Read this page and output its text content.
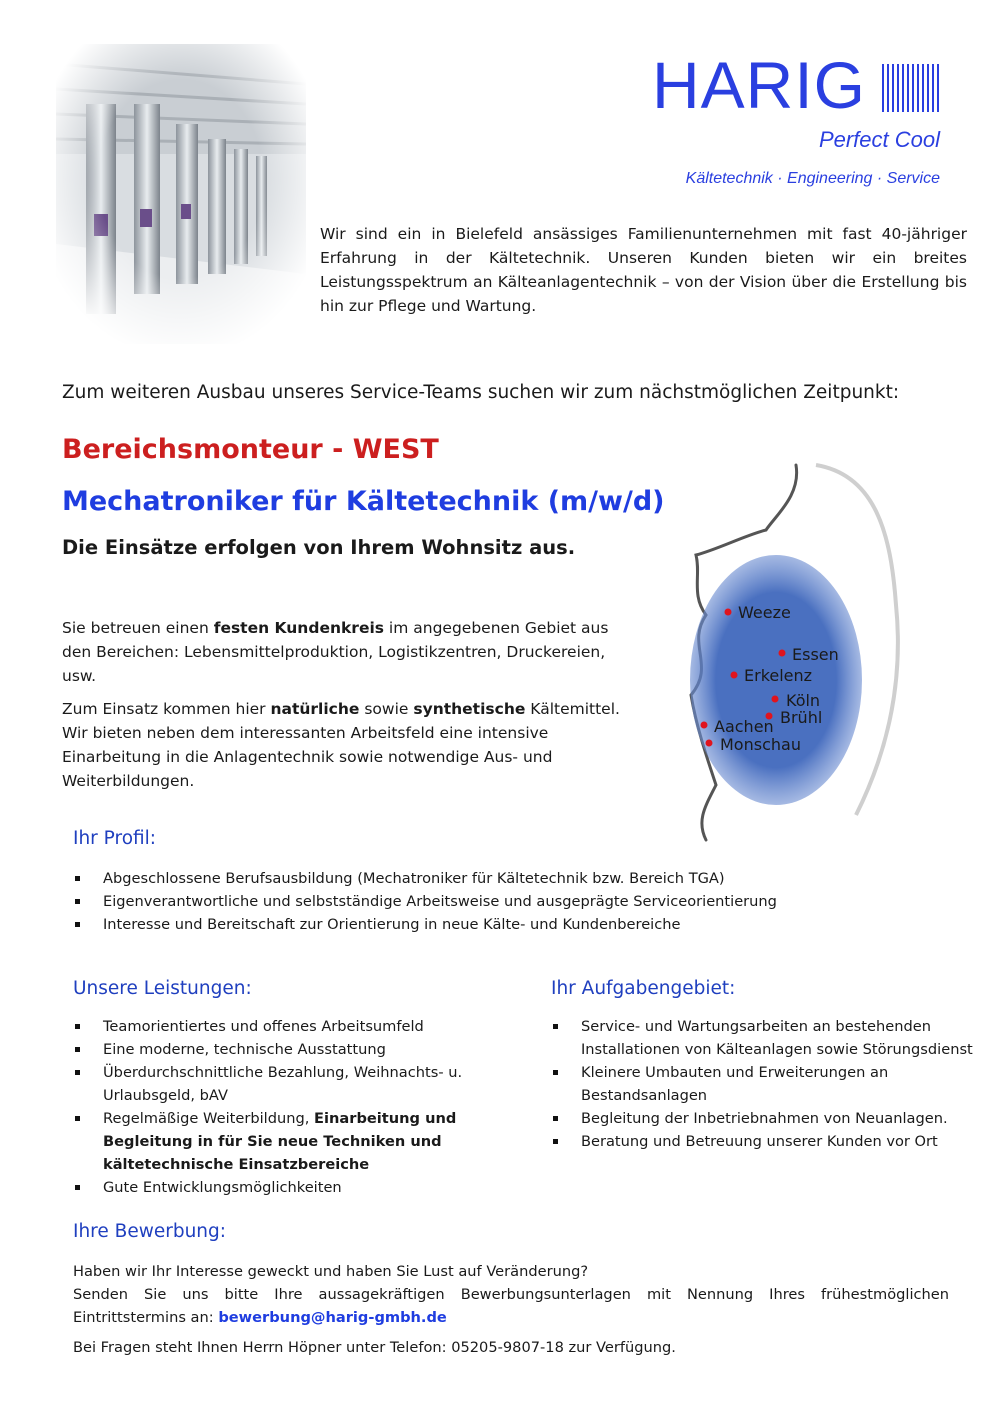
HARIG
Perfect Cool
Kältetechnik · Engineering · Service
Wir sind ein in Bielefeld ansässiges Familienunternehmen mit fast 40-jähriger Erfahrung in der Kältetechnik. Unseren Kunden bieten wir ein breites Leistungsspektrum an Kälteanlagentechnik – von der Vision über die Erstellung bis hin zur Pflege und Wartung.
Zum weiteren Ausbau unseres Service-Teams suchen wir zum nächstmöglichen Zeitpunkt:
Bereichsmonteur - WEST
Mechatroniker für Kältetechnik (m/w/d)
Die Einsätze erfolgen von Ihrem Wohnsitz aus.
Sie betreuen einen festen Kundenkreis im angegebenen Gebiet aus den Bereichen: Lebensmittelproduktion, Logistikzentren, Druckereien, usw.
Zum Einsatz kommen hier natürliche sowie synthetische Kältemittel. Wir bieten neben dem interessanten Arbeitsfeld eine intensive Einarbeitung in die Anlagentechnik sowie notwendige Aus- und Weiterbildungen.
Weeze
Essen
Erkelenz
Köln
Brühl
Aachen
Monschau
Ihr Profil:
Abgeschlossene Berufsausbildung (Mechatroniker für Kältetechnik bzw. Bereich TGA)
Eigenverantwortliche und selbstständige Arbeitsweise und ausgeprägte Serviceorientierung
Interesse und Bereitschaft zur Orientierung in neue Kälte- und Kundenbereiche
Unsere Leistungen:
Teamorientiertes und offenes Arbeitsumfeld
Eine moderne, technische Ausstattung
Überdurchschnittliche Bezahlung, Weihnachts- u. Urlaubsgeld, bAV
Regelmäßige Weiterbildung, Einarbeitung und Begleitung in für Sie neue Techniken und kältetechnische Einsatzbereiche
Gute Entwicklungsmöglichkeiten
Ihr Aufgabengebiet:
Service- und Wartungsarbeiten an bestehenden Installationen von Kälteanlagen sowie Störungsdienst
Kleinere Umbauten und Erweiterungen an Bestandsanlagen
Begleitung der Inbetriebnahmen von Neuanlagen.
Beratung und Betreuung unserer Kunden vor Ort
Ihre Bewerbung:
Haben wir Ihr Interesse geweckt und haben Sie Lust auf Veränderung?
Senden Sie uns bitte Ihre aussagekräftigen Bewerbungsunterlagen mit Nennung Ihres frühestmöglichen Eintrittstermins an: bewerbung@harig-gmbh.de
Bei Fragen steht Ihnen Herrn Höpner unter Telefon: 05205-9807-18 zur Verfügung.
